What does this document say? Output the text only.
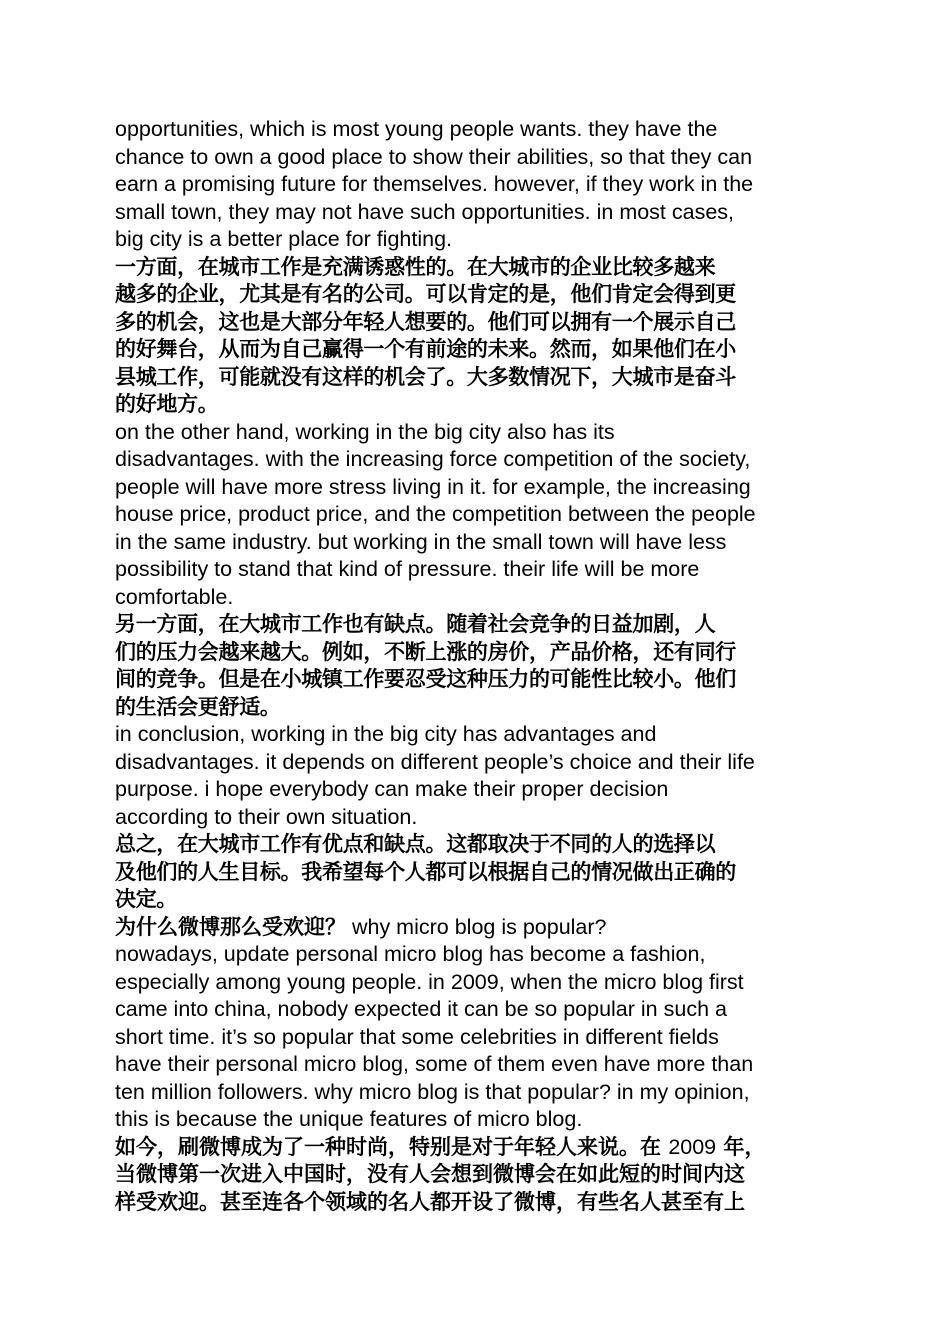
opportunities, which is most young people wants. they have the
chance to own a good place to show their abilities, so that they can
earn a promising future for themselves. however, if they work in the
small town, they may not have such opportunities. in most cases,
big city is a better place for fighting.

一方面，在城市工作是充满诱惑性的。在大城市的企业比较多越来
越多的企业，尤其是有名的公司。可以肯定的是，他们肯定会得到更
多的机会，这也是大部分年轻人想要的。他们可以拥有一个展示自己
的好舞台，从而为自己赢得一个有前途的未来。然而，如果他们在小
县城工作，可能就没有这样的机会了。大多数情况下，大城市是奋斗
的好地方。

on the other hand, working in the big city also has its
disadvantages. with the increasing force competition of the society,
people will have more stress living in it. for example, the increasing
house price, product price, and the competition between the people
in the same industry. but working in the small town will have less
possibility to stand that kind of pressure. their life will be more
comfortable.

另一方面，在大城市工作也有缺点。随着社会竞争的日益加剧，人
们的压力会越来越大。例如，不断上涨的房价，产品价格，还有同行
间的竞争。但是在小城镇工作要忍受这种压力的可能性比较小。他们
的生活会更舒适。

in conclusion, working in the big city has advantages and
disadvantages. it depends on different people’s choice and their life
purpose. i hope everybody can make their proper decision
according to their own situation.

总之，在大城市工作有优点和缺点。这都取决于不同的人的选择以
及他们的人生目标。我希望每个人都可以根据自己的情况做出正确的
决定。

为什么微博那么受欢迎？ why micro blog is popular?

nowadays, update personal micro blog has become a fashion,
especially among young people. in 2009, when the micro blog first
came into china, nobody expected it can be so popular in such a
short time. it’s so popular that some celebrities in different fields
have their personal micro blog, some of them even have more than
ten million followers. why micro blog is that popular? in my opinion,
this is because the unique features of micro blog.

如今，刷微博成为了一种时尚，特别是对于年轻人来说。在 2009 年，
当微博第一次进入中国时，没有人会想到微博会在如此短的时间内这
样受欢迎。甚至连各个领域的名人都开设了微博，有些名人甚至有上
